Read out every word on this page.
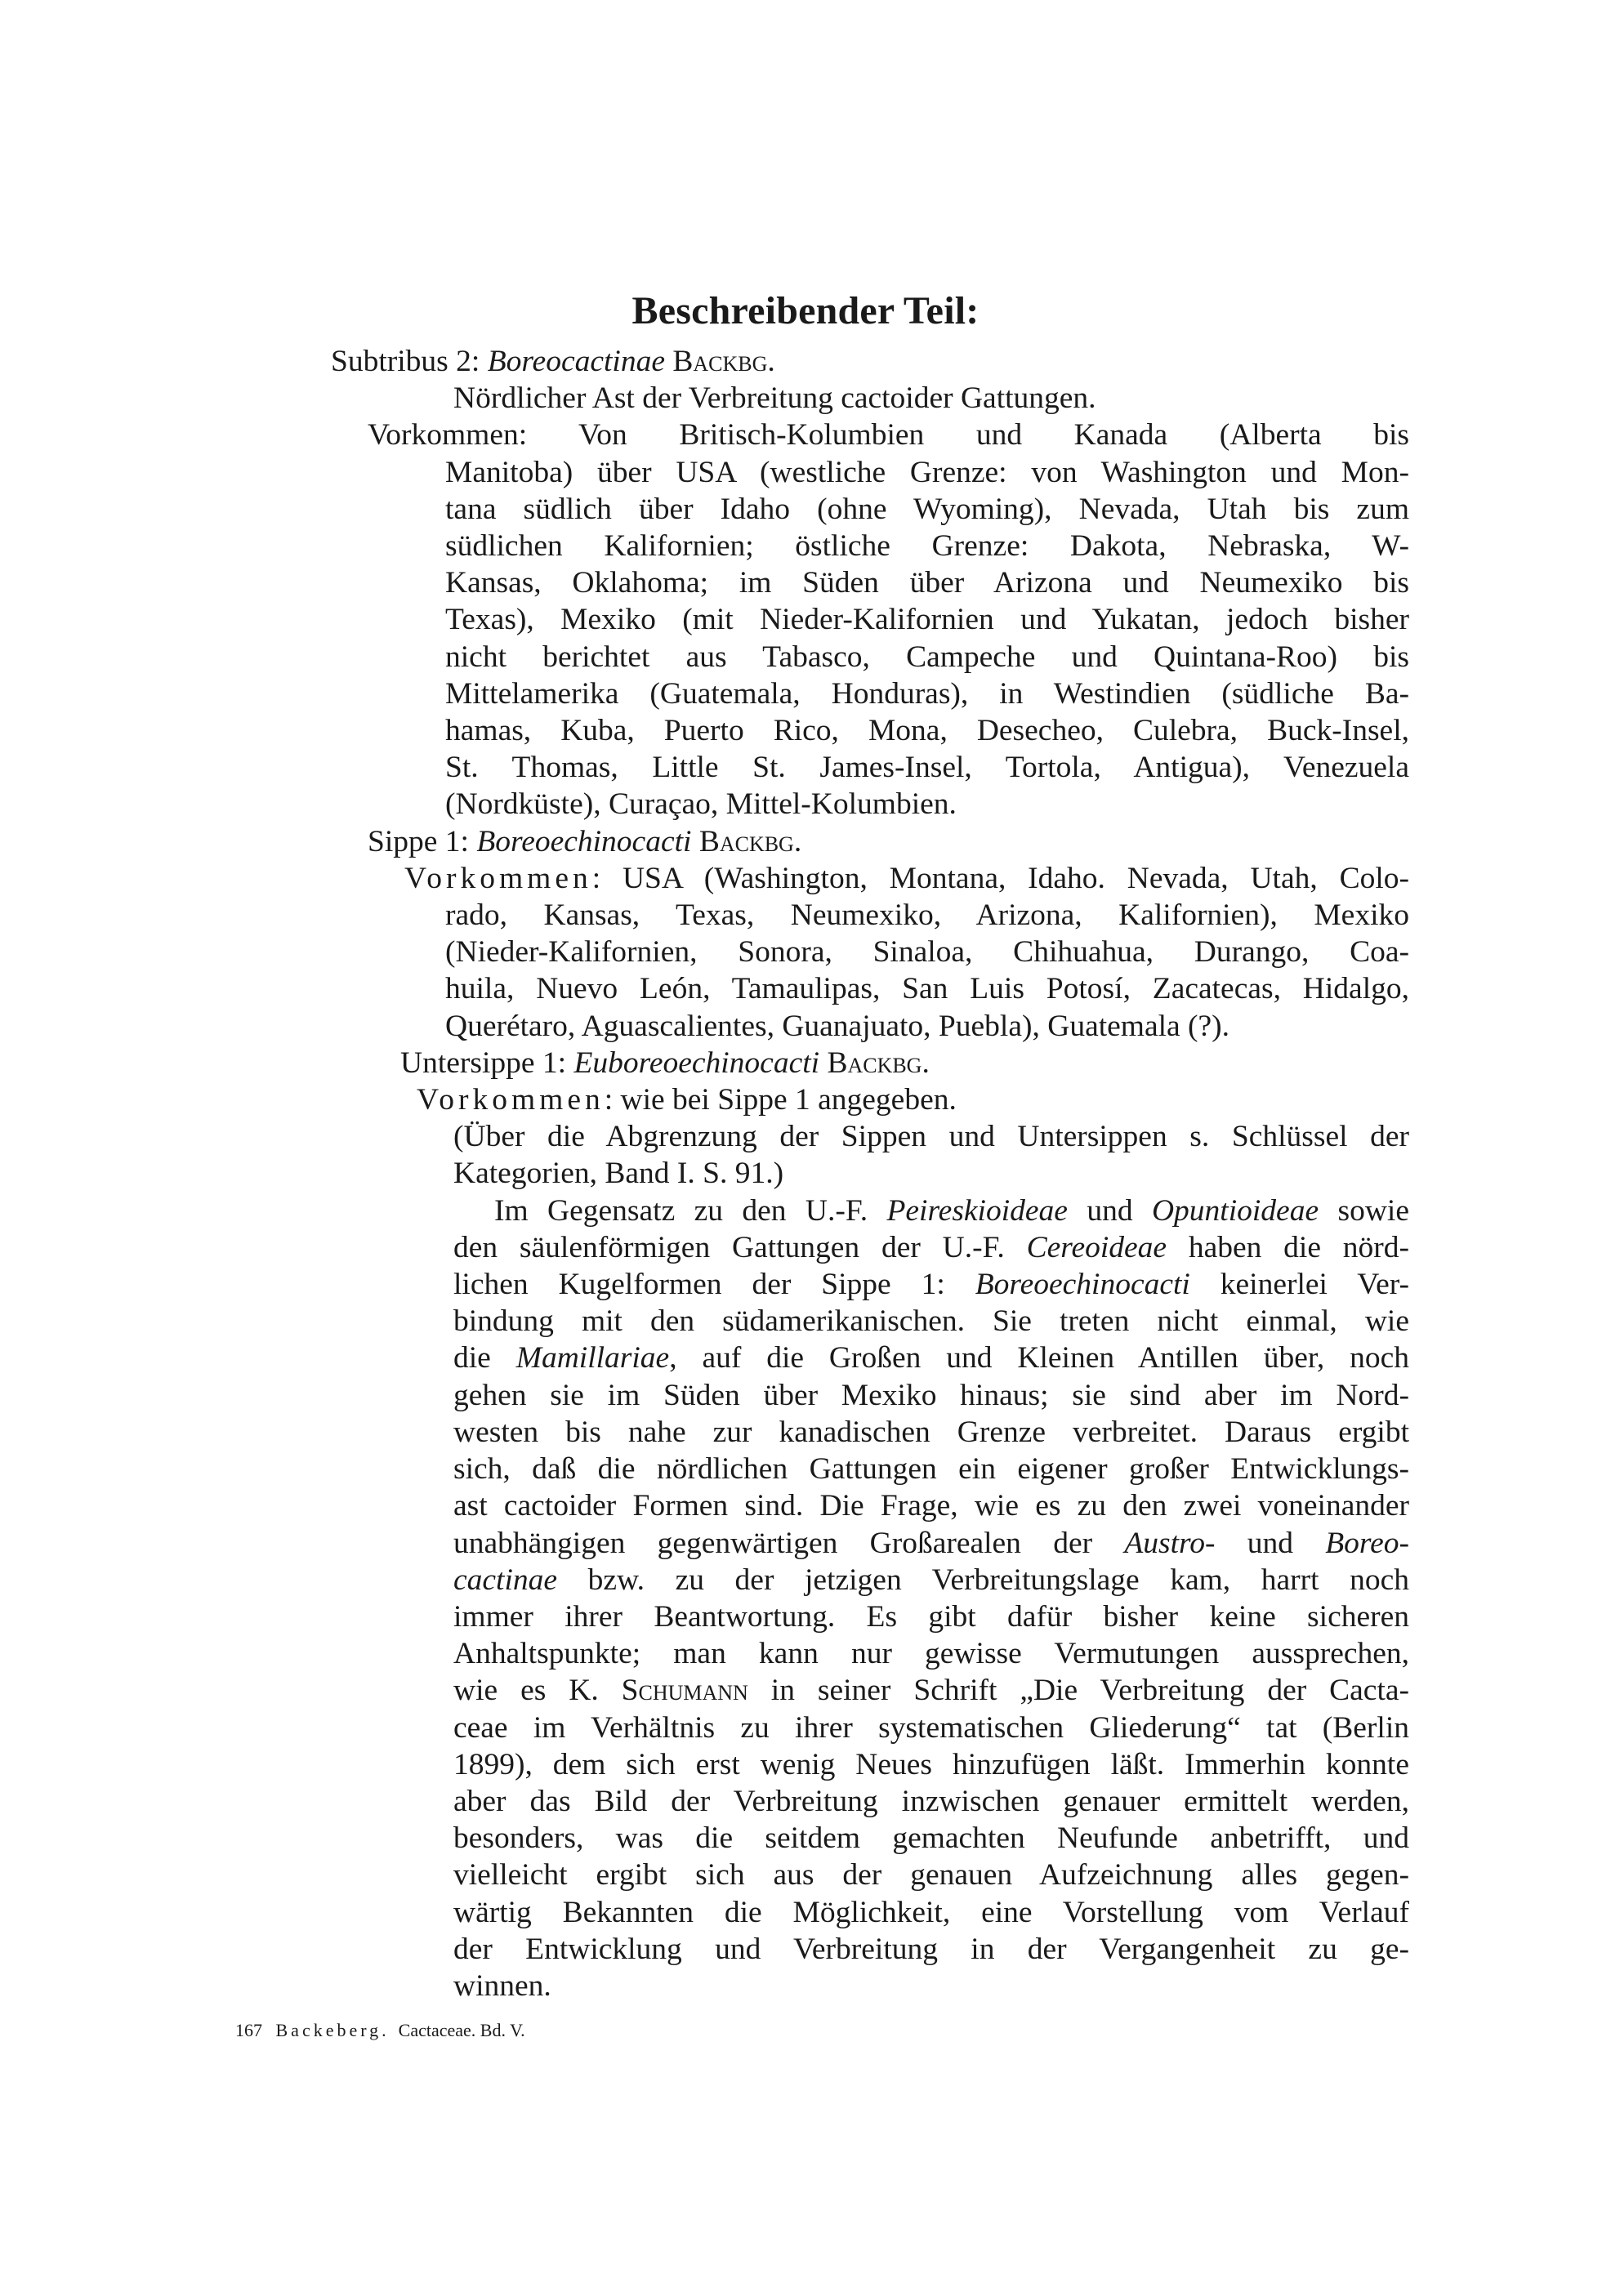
Beschreibender Teil:
Subtribus 2: Boreocactinae Backbg.
Nördlicher Ast der Verbreitung cactoider Gattungen.
Vorkommen: Von Britisch-Kolumbien und Kanada (Alberta bis
Manitoba) über USA (westliche Grenze: von Washington und Mon-
tana südlich über Idaho (ohne Wyoming), Nevada, Utah bis zum
südlichen Kalifornien; östliche Grenze: Dakota, Nebraska, W-
Kansas, Oklahoma; im Süden über Arizona und Neumexiko bis
Texas), Mexiko (mit Nieder-Kalifornien und Yukatan, jedoch bisher
nicht berichtet aus Tabasco, Campeche und Quintana-Roo) bis
Mittelamerika (Guatemala, Honduras), in Westindien (südliche Ba-
hamas, Kuba, Puerto Rico, Mona, Desecheo, Culebra, Buck-Insel,
St. Thomas, Little St. James-Insel, Tortola, Antigua), Venezuela
(Nordküste), Curaçao, Mittel-Kolumbien.
Sippe 1: Boreoechinocacti Backbg.
Vorkommen: USA (Washington, Montana, Idaho. Nevada, Utah, Colo-
rado, Kansas, Texas, Neumexiko, Arizona, Kalifornien), Mexiko
(Nieder-Kalifornien, Sonora, Sinaloa, Chihuahua, Durango, Coa-
huila, Nuevo León, Tamaulipas, San Luis Potosí, Zacatecas, Hidalgo,
Querétaro, Aguascalientes, Guanajuato, Puebla), Guatemala (?).
Untersippe 1: Euboreoechinocacti Backbg.
Vorkommen: wie bei Sippe 1 angegeben.
(Über die Abgrenzung der Sippen und Untersippen s. Schlüssel der
Kategorien, Band I. S. 91.)
Im Gegensatz zu den U.-F. Peireskioideae und Opuntioideae sowie
den säulenförmigen Gattungen der U.-F. Cereoideae haben die nörd-
lichen Kugelformen der Sippe 1: Boreoechinocacti keinerlei Ver-
bindung mit den südamerikanischen. Sie treten nicht einmal, wie
die Mamillariae, auf die Großen und Kleinen Antillen über, noch
gehen sie im Süden über Mexiko hinaus; sie sind aber im Nord-
westen bis nahe zur kanadischen Grenze verbreitet. Daraus ergibt
sich, daß die nördlichen Gattungen ein eigener großer Entwicklungs-
ast cactoider Formen sind. Die Frage, wie es zu den zwei voneinander
unabhängigen gegenwärtigen Großarealen der Austro- und Boreo-
cactinae bzw. zu der jetzigen Verbreitungslage kam, harrt noch
immer ihrer Beantwortung. Es gibt dafür bisher keine sicheren
Anhaltspunkte; man kann nur gewisse Vermutungen aussprechen,
wie es K. Schumann in seiner Schrift „Die Verbreitung der Cacta-
ceae im Verhältnis zu ihrer systematischen Gliederung“ tat (Berlin
1899), dem sich erst wenig Neues hinzufügen läßt. Immerhin konnte
aber das Bild der Verbreitung inzwischen genauer ermittelt werden,
besonders, was die seitdem gemachten Neufunde anbetrifft, und
vielleicht ergibt sich aus der genauen Aufzeichnung alles gegen-
wärtig Bekannten die Möglichkeit, eine Vorstellung vom Verlauf
der Entwicklung und Verbreitung in der Vergangenheit zu ge-
winnen.
167 Backeberg. Cactaceae. Bd. V.
